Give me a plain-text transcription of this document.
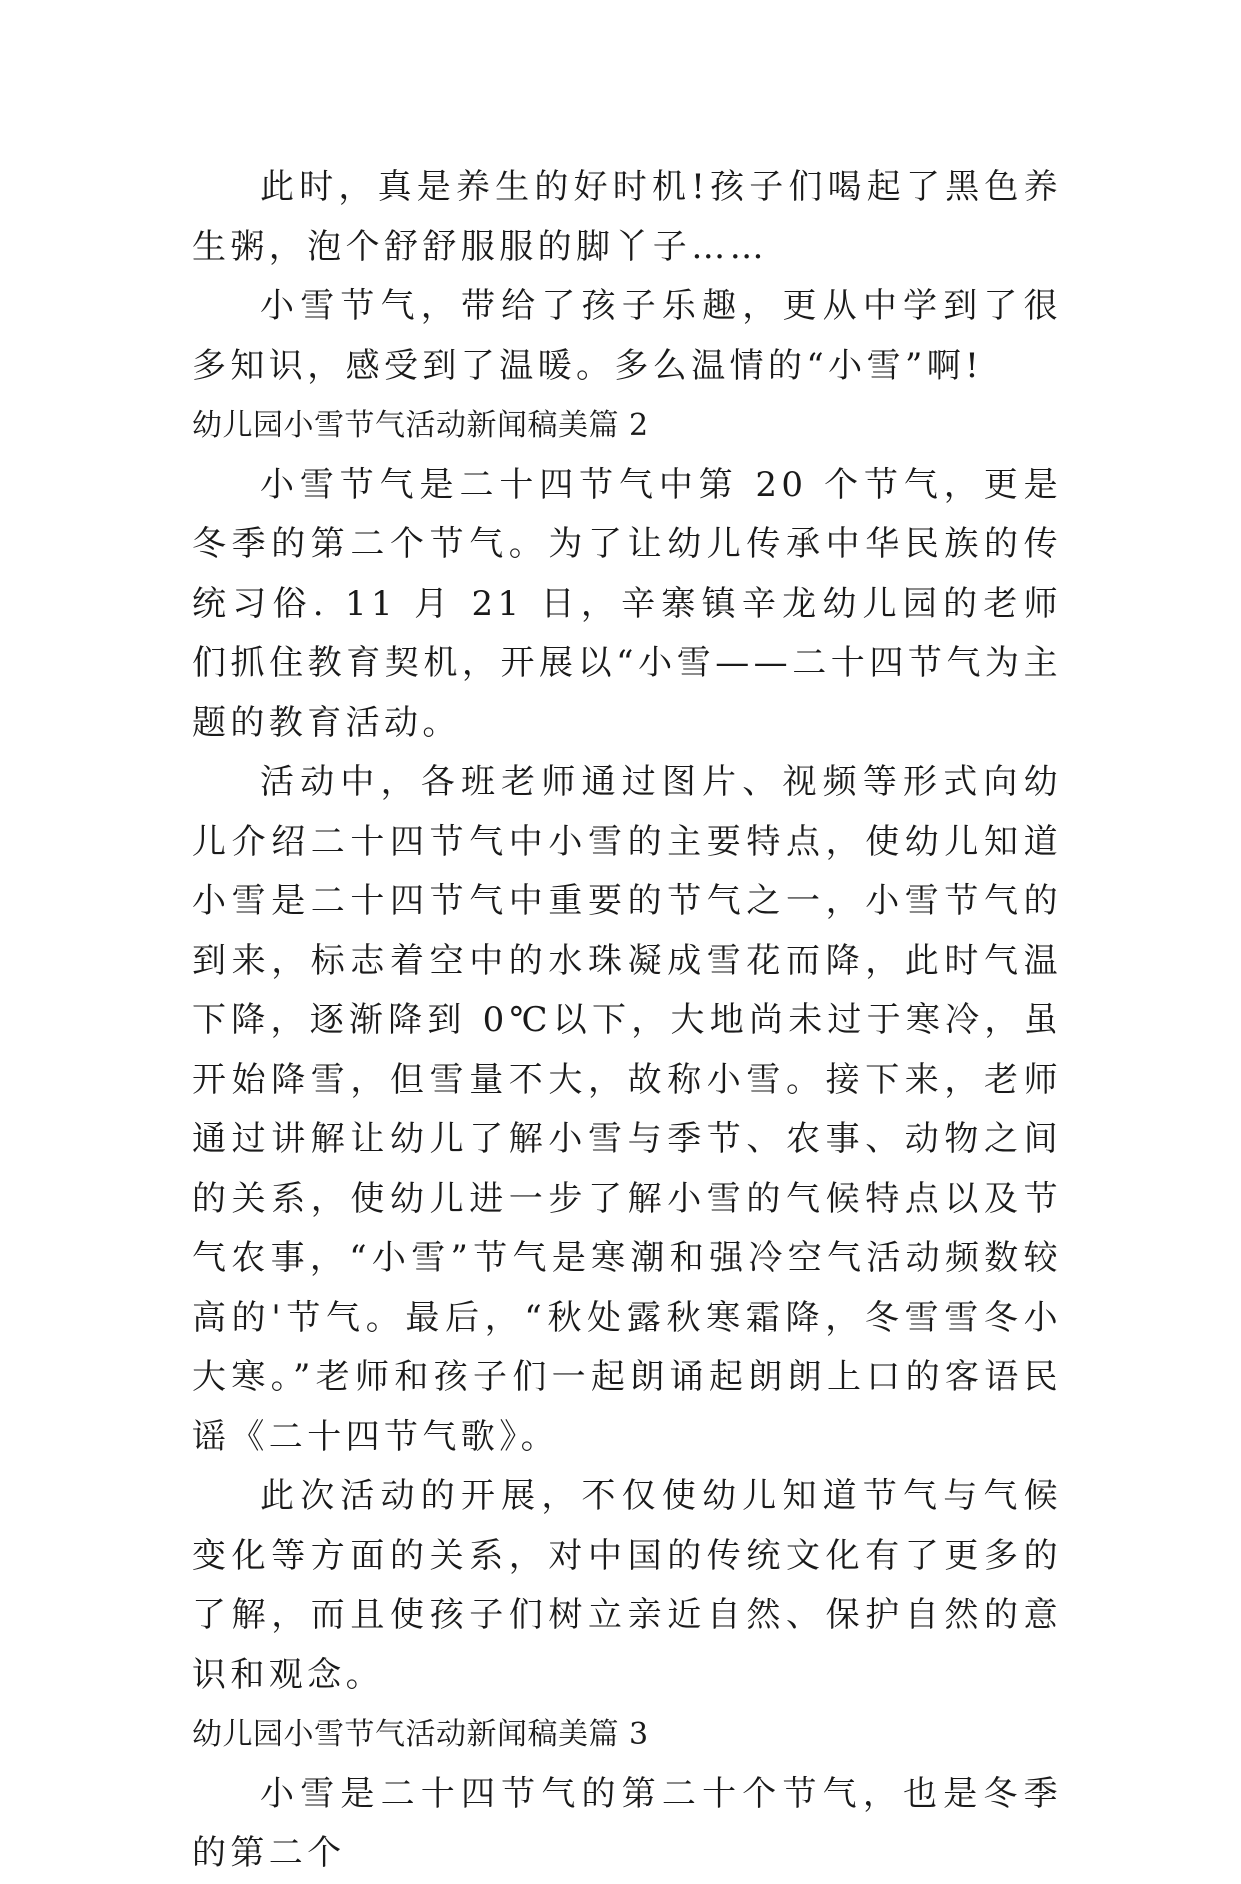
此时，真是养生的好时机!孩子们喝起了黑色养生粥，泡个舒舒服服的脚丫子……

小雪节气，带给了孩子乐趣，更从中学到了很多知识，感受到了温暖。多么温情的“小雪”啊!

幼儿园小雪节气活动新闻稿美篇 2

小雪节气是二十四节气中第 20 个节气，更是冬季的第二个节气。为了让幼儿传承中华民族的传统习俗. 11 月 21 日，辛寨镇辛龙幼儿园的老师们抓住教育契机，开展以“小雪——二十四节气为主题的教育活动。

活动中，各班老师通过图片、视频等形式向幼儿介绍二十四节气中小雪的主要特点，使幼儿知道小雪是二十四节气中重要的节气之一，小雪节气的到来，标志着空中的水珠凝成雪花而降，此时气温下降，逐渐降到 0℃以下，大地尚未过于寒冷，虽开始降雪，但雪量不大，故称小雪。接下来，老师通过讲解让幼儿了解小雪与季节、农事、动物之间的关系，使幼儿进一步了解小雪的气候特点以及节气农事，“小雪”节气是寒潮和强冷空气活动频数较高的'节气。最后，“秋处露秋寒霜降，冬雪雪冬小大寒。”老师和孩子们一起朗诵起朗朗上口的客语民谣《二十四节气歌》。

此次活动的开展，不仅使幼儿知道节气与气候变化等方面的关系，对中国的传统文化有了更多的了解，而且使孩子们树立亲近自然、保护自然的意识和观念。

幼儿园小雪节气活动新闻稿美篇 3

小雪是二十四节气的第二十个节气，也是冬季的第二个
